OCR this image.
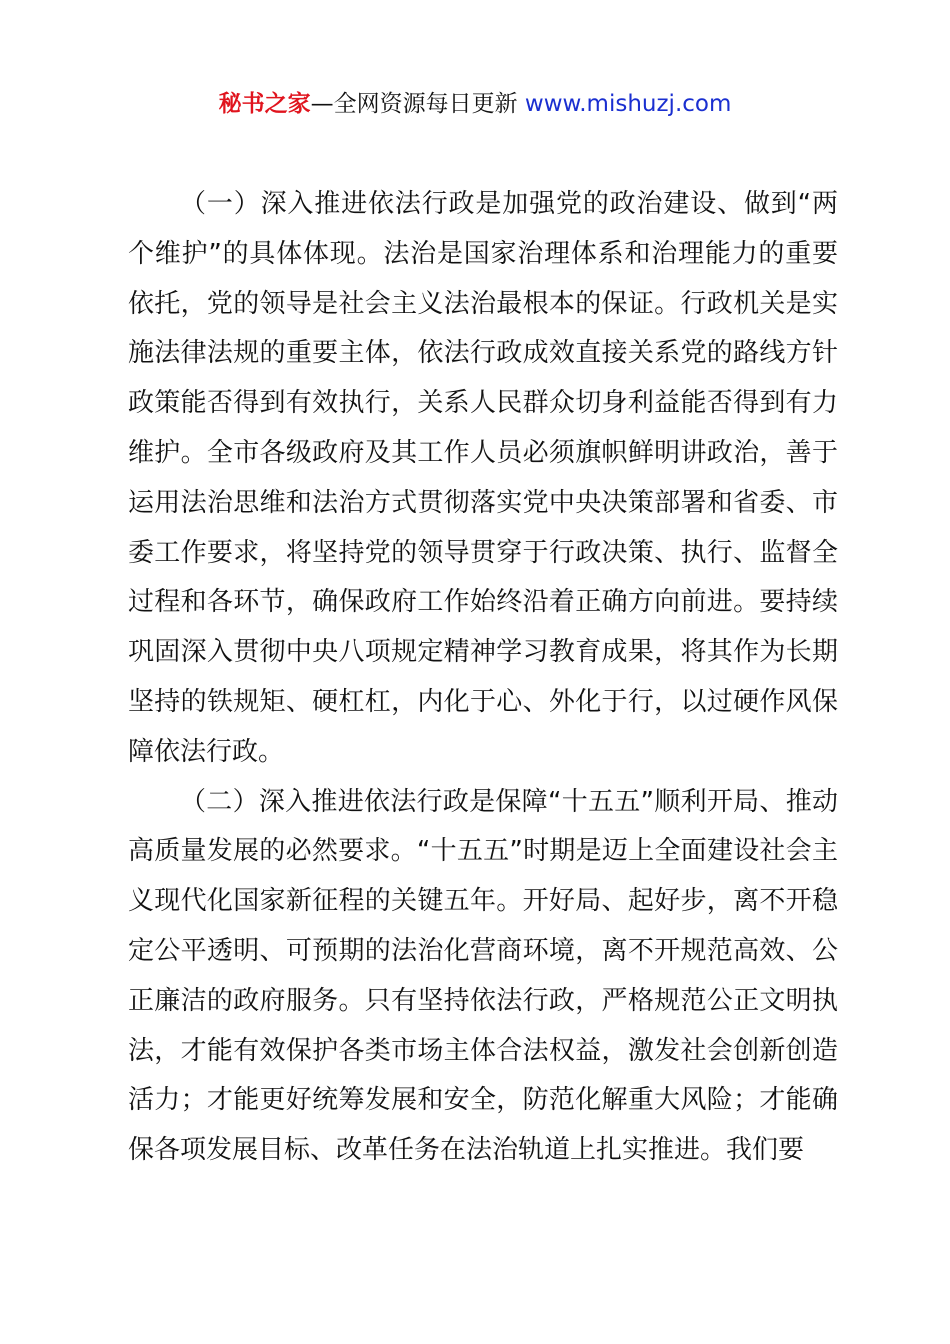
秘书之家—全网资源每日更新 www.mishuzj.com

（一）深入推进依法行政是加强党的政治建设、做到“两个维护”的具体体现。法治是国家治理体系和治理能力的重要依托，党的领导是社会主义法治最根本的保证。行政机关是实施法律法规的重要主体，依法行政成效直接关系党的路线方针政策能否得到有效执行，关系人民群众切身利益能否得到有力维护。全市各级政府及其工作人员必须旗帜鲜明讲政治，善于运用法治思维和法治方式贯彻落实党中央决策部署和省委、市委工作要求，将坚持党的领导贯穿于行政决策、执行、监督全过程和各环节，确保政府工作始终沿着正确方向前进。要持续巩固深入贯彻中央八项规定精神学习教育成果，将其作为长期坚持的铁规矩、硬杠杠，内化于心、外化于行，以过硬作风保障依法行政。

（二）深入推进依法行政是保障“十五五”顺利开局、推动高质量发展的必然要求。“十五五”时期是迈上全面建设社会主义现代化国家新征程的关键五年。开好局、起好步，离不开稳定公平透明、可预期的法治化营商环境，离不开规范高效、公正廉洁的政府服务。只有坚持依法行政，严格规范公正文明执法，才能有效保护各类市场主体合法权益，激发社会创新创造活力；才能更好统筹发展和安全，防范化解重大风险；才能确保各项发展目标、改革任务在法治轨道上扎实推进。我们要
